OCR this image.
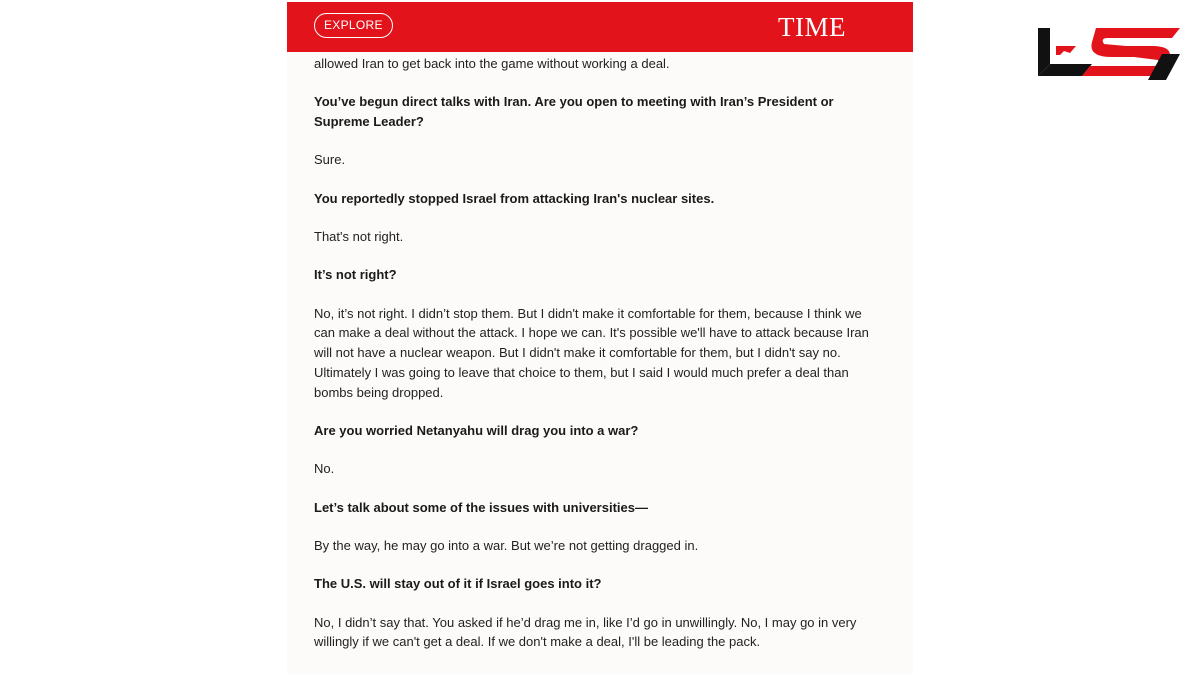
EXPLORE	TIME

allowed Iran to get back into the game without working a deal.

You’ve begun direct talks with Iran. Are you open to meeting with Iran’s President or Supreme Leader?

Sure.

You reportedly stopped Israel from attacking Iran's nuclear sites.

That's not right.

It’s not right?

No, it’s not right. I didn’t stop them. But I didn't make it comfortable for them, because I think we can make a deal without the attack. I hope we can. It's possible we'll have to attack because Iran will not have a nuclear weapon. But I didn't make it comfortable for them, but I didn't say no. Ultimately I was going to leave that choice to them, but I said I would much prefer a deal than bombs being dropped.

Are you worried Netanyahu will drag you into a war?

No.

Let’s talk about some of the issues with universities—

By the way, he may go into a war. But we’re not getting dragged in.

The U.S. will stay out of it if Israel goes into it?

No, I didn’t say that. You asked if he’d drag me in, like I’d go in unwillingly. No, I may go in very willingly if we can't get a deal. If we don't make a deal, I'll be leading the pack.
